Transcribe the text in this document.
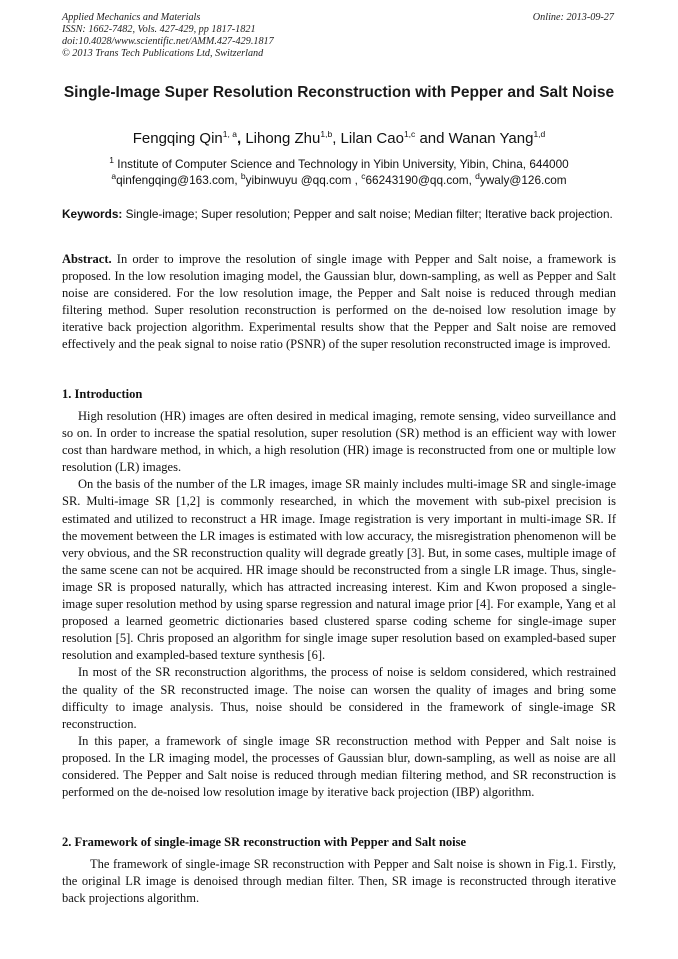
Applied Mechanics and Materials
ISSN: 1662-7482, Vols. 427-429, pp 1817-1821
doi:10.4028/www.scientific.net/AMM.427-429.1817
© 2013 Trans Tech Publications Ltd, Switzerland
Online: 2013-09-27
Single-Image Super Resolution Reconstruction with Pepper and Salt Noise
Fengqing Qin$^{1, a}$, Lihong Zhu$^{1,b}$, Lilan Cao$^{1,c}$ and Wanan Yang$^{1,d}$
$^1$ Institute of Computer Science and Technology in Yibin University, Yibin, China, 644000
$^a$qinfengqing@163.com, $^b$yibinwuyu @qq.com , $^c$66243190@qq.com, $^d$ywaly@126.com
Keywords: Single-image; Super resolution; Pepper and salt noise; Median filter; Iterative back projection.

Abstract. In order to improve the resolution of single image with Pepper and Salt noise, a framework is proposed. In the low resolution imaging model, the Gaussian blur, down-sampling, as well as Pepper and Salt noise are considered. For the low resolution image, the Pepper and Salt noise is reduced through median filtering method. Super resolution reconstruction is performed on the de-noised low resolution image by iterative back projection algorithm. Experimental results show that the Pepper and Salt noise are removed effectively and the peak signal to noise ratio (PSNR) of the super resolution reconstructed image is improved.

1. Introduction

High resolution (HR) images are often desired in medical imaging, remote sensing, video surveillance and so on. In order to increase the spatial resolution, super resolution (SR) method is an efficient way with lower cost than hardware method, in which, a high resolution (HR) image is reconstructed from one or multiple low resolution (LR) images.

On the basis of the number of the LR images, image SR mainly includes multi-image SR and single-image SR. Multi-image SR [1,2] is commonly researched, in which the movement with sub-pixel precision is estimated and utilized to reconstruct a HR image. Image registration is very important in multi-image SR. If the movement between the LR images is estimated with low accuracy, the misregistration phenomenon will be very obvious, and the SR reconstruction quality will degrade greatly [3]. But, in some cases, multiple image of the same scene can not be acquired. HR image should be reconstructed from a single LR image. Thus, single-image SR is proposed naturally, which has attracted increasing interest. Kim and Kwon proposed a single-image super resolution method by using sparse regression and natural image prior [4]. For example, Yang et al proposed a learned geometric dictionaries based clustered sparse coding scheme for single-image super resolution [5]. Chris proposed an algorithm for single image super resolution based on exampled-based super resolution and exampled-based texture synthesis [6].

In most of the SR reconstruction algorithms, the process of noise is seldom considered, which restrained the quality of the SR reconstructed image. The noise can worsen the quality of images and bring some difficulty to image analysis. Thus, noise should be considered in the framework of single-image SR reconstruction.

In this paper, a framework of single image SR reconstruction method with Pepper and Salt noise is proposed. In the LR imaging model, the processes of Gaussian blur, down-sampling, as well as noise are all considered. The Pepper and Salt noise is reduced through median filtering method, and SR reconstruction is performed on the de-noised low resolution image by iterative back projection (IBP) algorithm.

2. Framework of single-image SR reconstruction with Pepper and Salt noise

The framework of single-image SR reconstruction with Pepper and Salt noise is shown in Fig.1. Firstly, the original LR image is denoised through median filter. Then, SR image is reconstructed through iterative back projections algorithm.
